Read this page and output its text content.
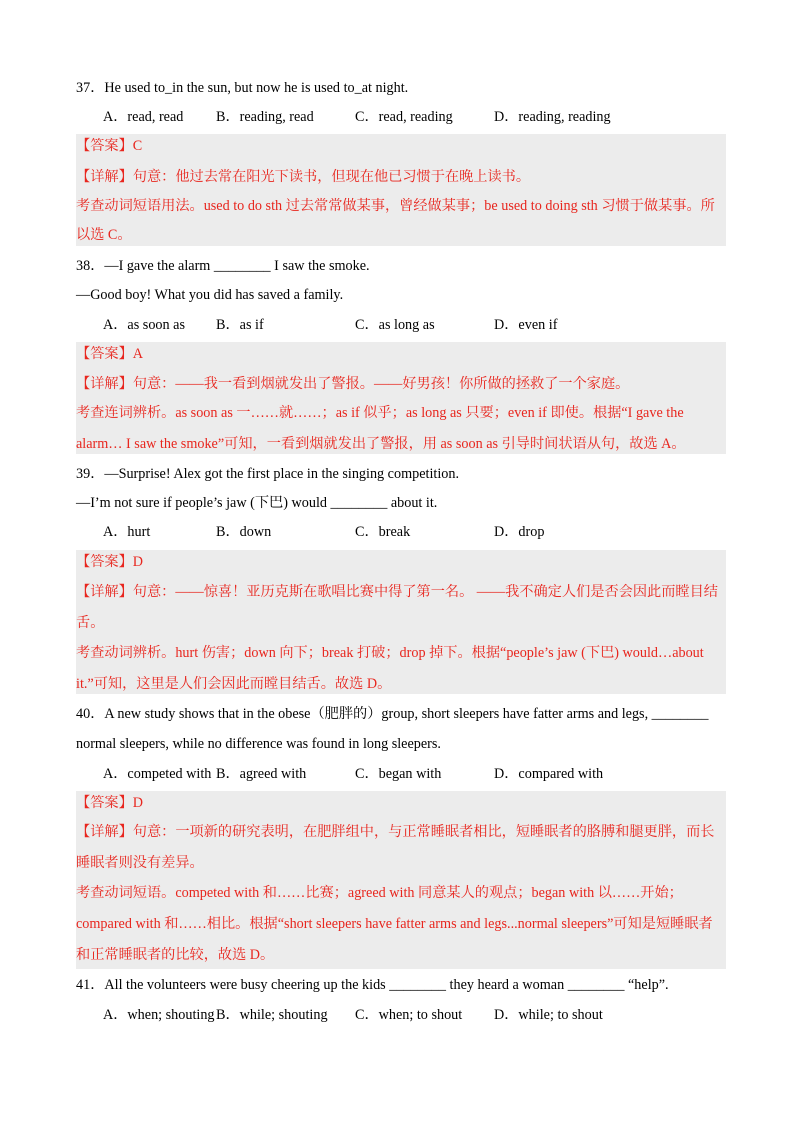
37．He used to_in the sun, but now he is used to_at night.
A．read, read B．reading, read	C．read, reading	D．reading, reading
【答案】C
【详解】句意：他过去常在阳光下读书，但现在他已习惯于在晚上读书。
考查动词短语用法。used to do sth 过去常常做某事，曾经做某事；be used to doing sth 习惯于做某事。所
以选 C。
38．—I gave the alarm ________ I saw the smoke.
—Good boy! What you did has saved a family.
A．as soon as B．as if	C．as long as	D．even if
【答案】A
【详解】句意：——我一看到烟就发出了警报。——好男孩！你所做的拯救了一个家庭。
考查连词辨析。as soon as 一……就……；as if 似乎；as long as 只要；even if 即使。根据“I gave the
alarm… I saw the smoke”可知，一看到烟就发出了警报，用 as soon as 引导时间状语从句，故选 A。
39．—Surprise! Alex got the first place in the singing competition.
—I’m not sure if people’s jaw (下巴) would ________ about it.
A．hurt	B．down	C．break	D．drop
【答案】D
【详解】句意：——惊喜！亚历克斯在歌唱比赛中得了第一名。 ——我不确定人们是否会因此而瞠目结
舌。
考查动词辨析。hurt 伤害；down 向下；break 打破；drop 掉下。根据“people’s jaw (下巴) would…about
it.”可知，这里是人们会因此而瞠目结舌。故选 D。
40．A new study shows that in the obese（肥胖的）group, short sleepers have fatter arms and legs, ________
normal sleepers, while no difference was found in long sleepers.
A．competed with B．agreed with	C．began with	D．compared with
【答案】D
【详解】句意：一项新的研究表明，在肥胖组中，与正常睡眠者相比，短睡眠者的胳膊和腿更胖，而长
睡眠者则没有差异。
考查动词短语。competed with 和……比赛；agreed with 同意某人的观点；began with 以……开始；
compared with 和……相比。根据“short sleepers have fatter arms and legs...normal sleepers”可知是短睡眠者
和正常睡眠者的比较，故选 D。
41．All the volunteers were busy cheering up the kids ________ they heard a woman ________ “help”.
A．when; shouting B．while; shouting C．when; to shout D．while; to shout
